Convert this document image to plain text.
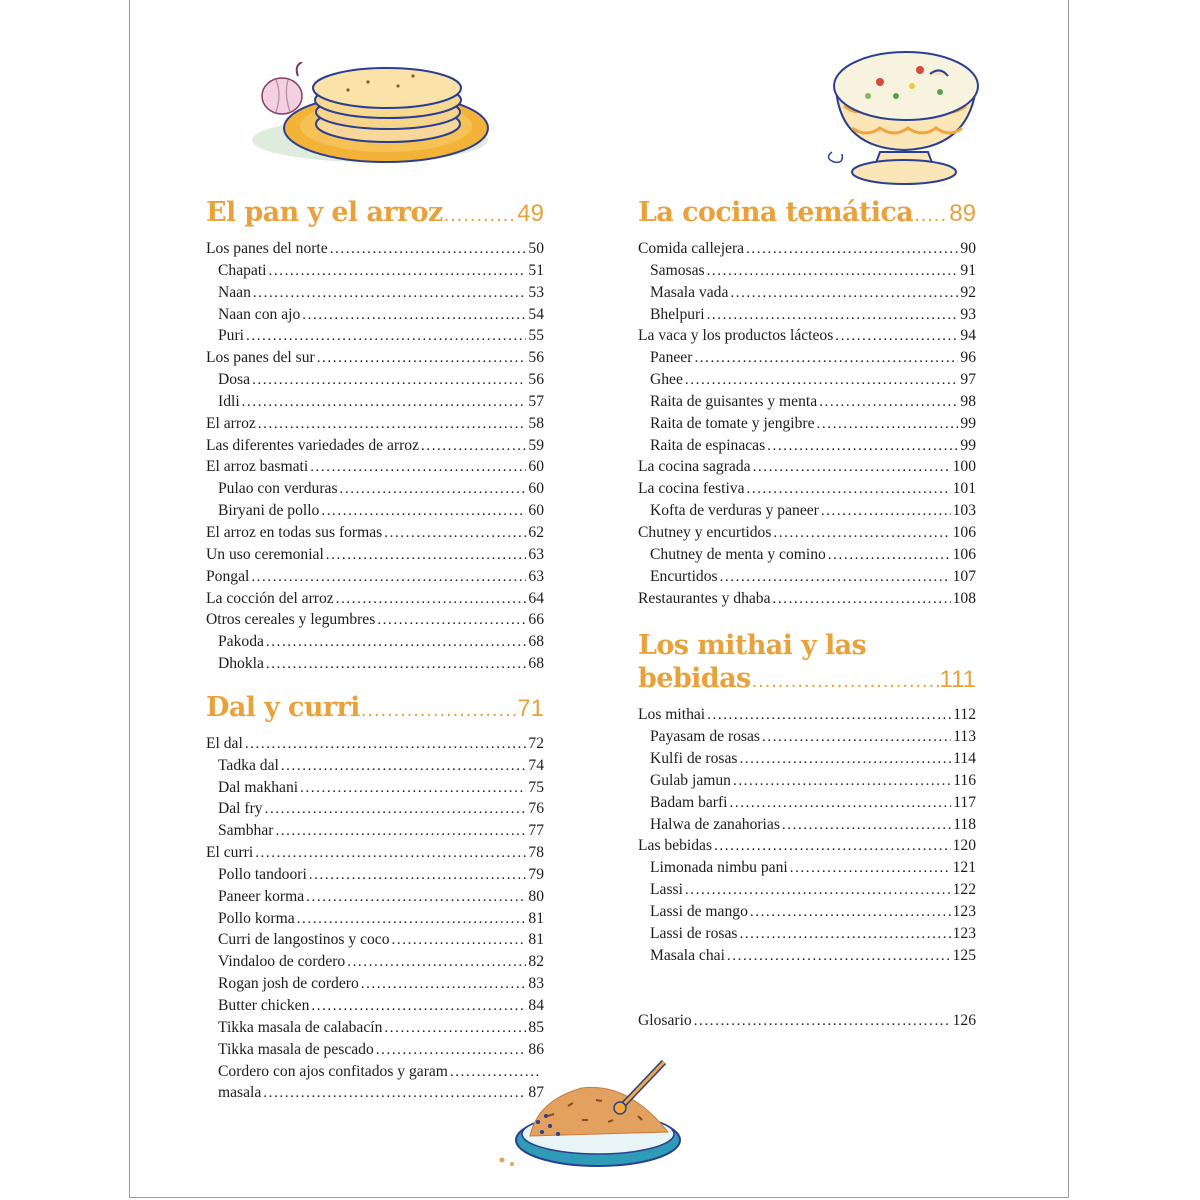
El pan y el arroz .....	49
Los panes del norte .....	50
Chapati .....	51
Naan .....	53
Naan con ajo .....	54
Puri .....	55
Los panes del sur .....	56
Dosa .....	56
Idli .....	57
El arroz .....	58
Las diferentes variedades de arroz .....	59
El arroz basmati .....	60
Pulao con verduras .....	60
Biryani de pollo .....	60
El arroz en todas sus formas .....	62
Un uso ceremonial .....	63
Pongal .....	63
La cocción del arroz .....	64
Otros cereales y legumbres .....	66
Pakoda .....	68
Dhokla .....	68
Dal y curri .....	71
El dal .....	72
Tadka dal .....	74
Dal makhani .....	75
Dal fry .....	76
Sambhar .....	77
El curri .....	78
Pollo tandoori .....	79
Paneer korma .....	80
Pollo korma .....	81
Curri de langostinos y coco .....	81
Vindaloo de cordero .....	82
Rogan josh de cordero .....	83
Butter chicken .....	84
Tikka masala de calabacín .....	85
Tikka masala de pescado .....	86
Cordero con ajos confitados y garam
.....
masala .....	87
La cocina temática ..... 89
Comida callejera .....	90
Samosas .....	91
Masala vada .....	92
Bhelpuri .....	93
La vaca y los productos lácteos .....	94
Paneer .....	96
Ghee .....	97
Raita de guisantes y menta .....	98
Raita de tomate y jengibre .....	99
Raita de espinacas .....	99
La cocina sagrada .....	100
La cocina festiva .....	101
Kofta de verduras y paneer .....	103
Chutney y encurtidos .....	106
Chutney de menta y comino .....	106
Encurtidos .....	107
Restaurantes y dhaba .....	108
Los mithai y las
bebidas .....	111
Los mithai .....	112
Payasam de rosas .....	113
Kulfi de rosas .....	114
Gulab jamun .....	116
Badam barfi .....	117
Halwa de zanahorias .....	118
Las bebidas .....	120
Limonada nimbu pani .....	121
Lassi .....	122
Lassi de mango .....	123
Lassi de rosas .....	123
Masala chai .....	125
Glosario .....	126
